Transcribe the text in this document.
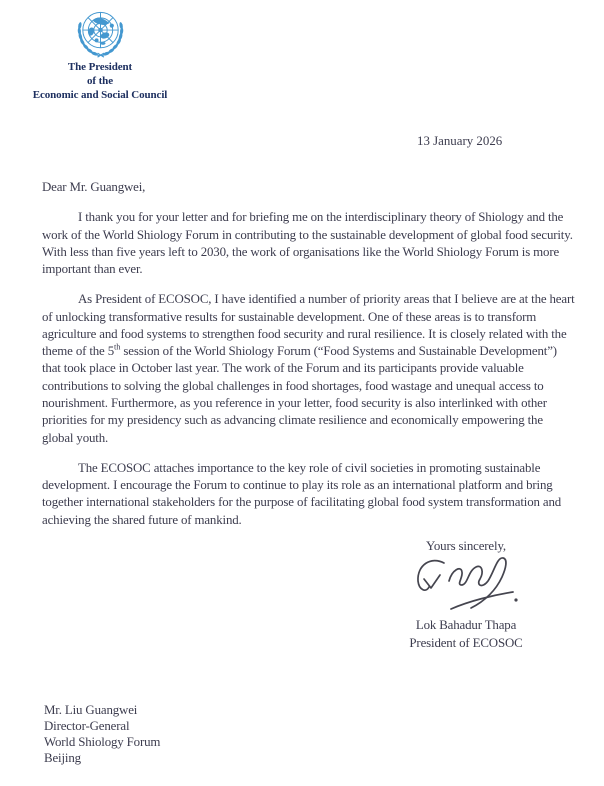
The President
of the
Economic and Social Council
13 January 2026
Dear Mr. Guangwei,

I thank you for your letter and for briefing me on the interdisciplinary theory of Shiology and the work of the World Shiology Forum in contributing to the sustainable development of global food security. With less than five years left to 2030, the work of organisations like the World Shiology Forum is more important than ever.

As President of ECOSOC, I have identified a number of priority areas that I believe are at the heart of unlocking transformative results for sustainable development. One of these areas is to transform agriculture and food systems to strengthen food security and rural resilience. It is closely related with the theme of the 5th session of the World Shiology Forum (“Food Systems and Sustainable Development”) that took place in October last year. The work of the Forum and its participants provide valuable contributions to solving the global challenges in food shortages, food wastage and unequal access to nourishment. Furthermore, as you reference in your letter, food security is also interlinked with other priorities for my presidency such as advancing climate resilience and economically empowering the global youth.

The ECOSOC attaches importance to the key role of civil societies in promoting sustainable development. I encourage the Forum to continue to play its role as an international platform and bring together international stakeholders for the purpose of facilitating global food system transformation and achieving the shared future of mankind.

Yours sincerely,
Lok Bahadur Thapa
President of ECOSOC
Mr. Liu Guangwei
Director-General
World Shiology Forum
Beijing
